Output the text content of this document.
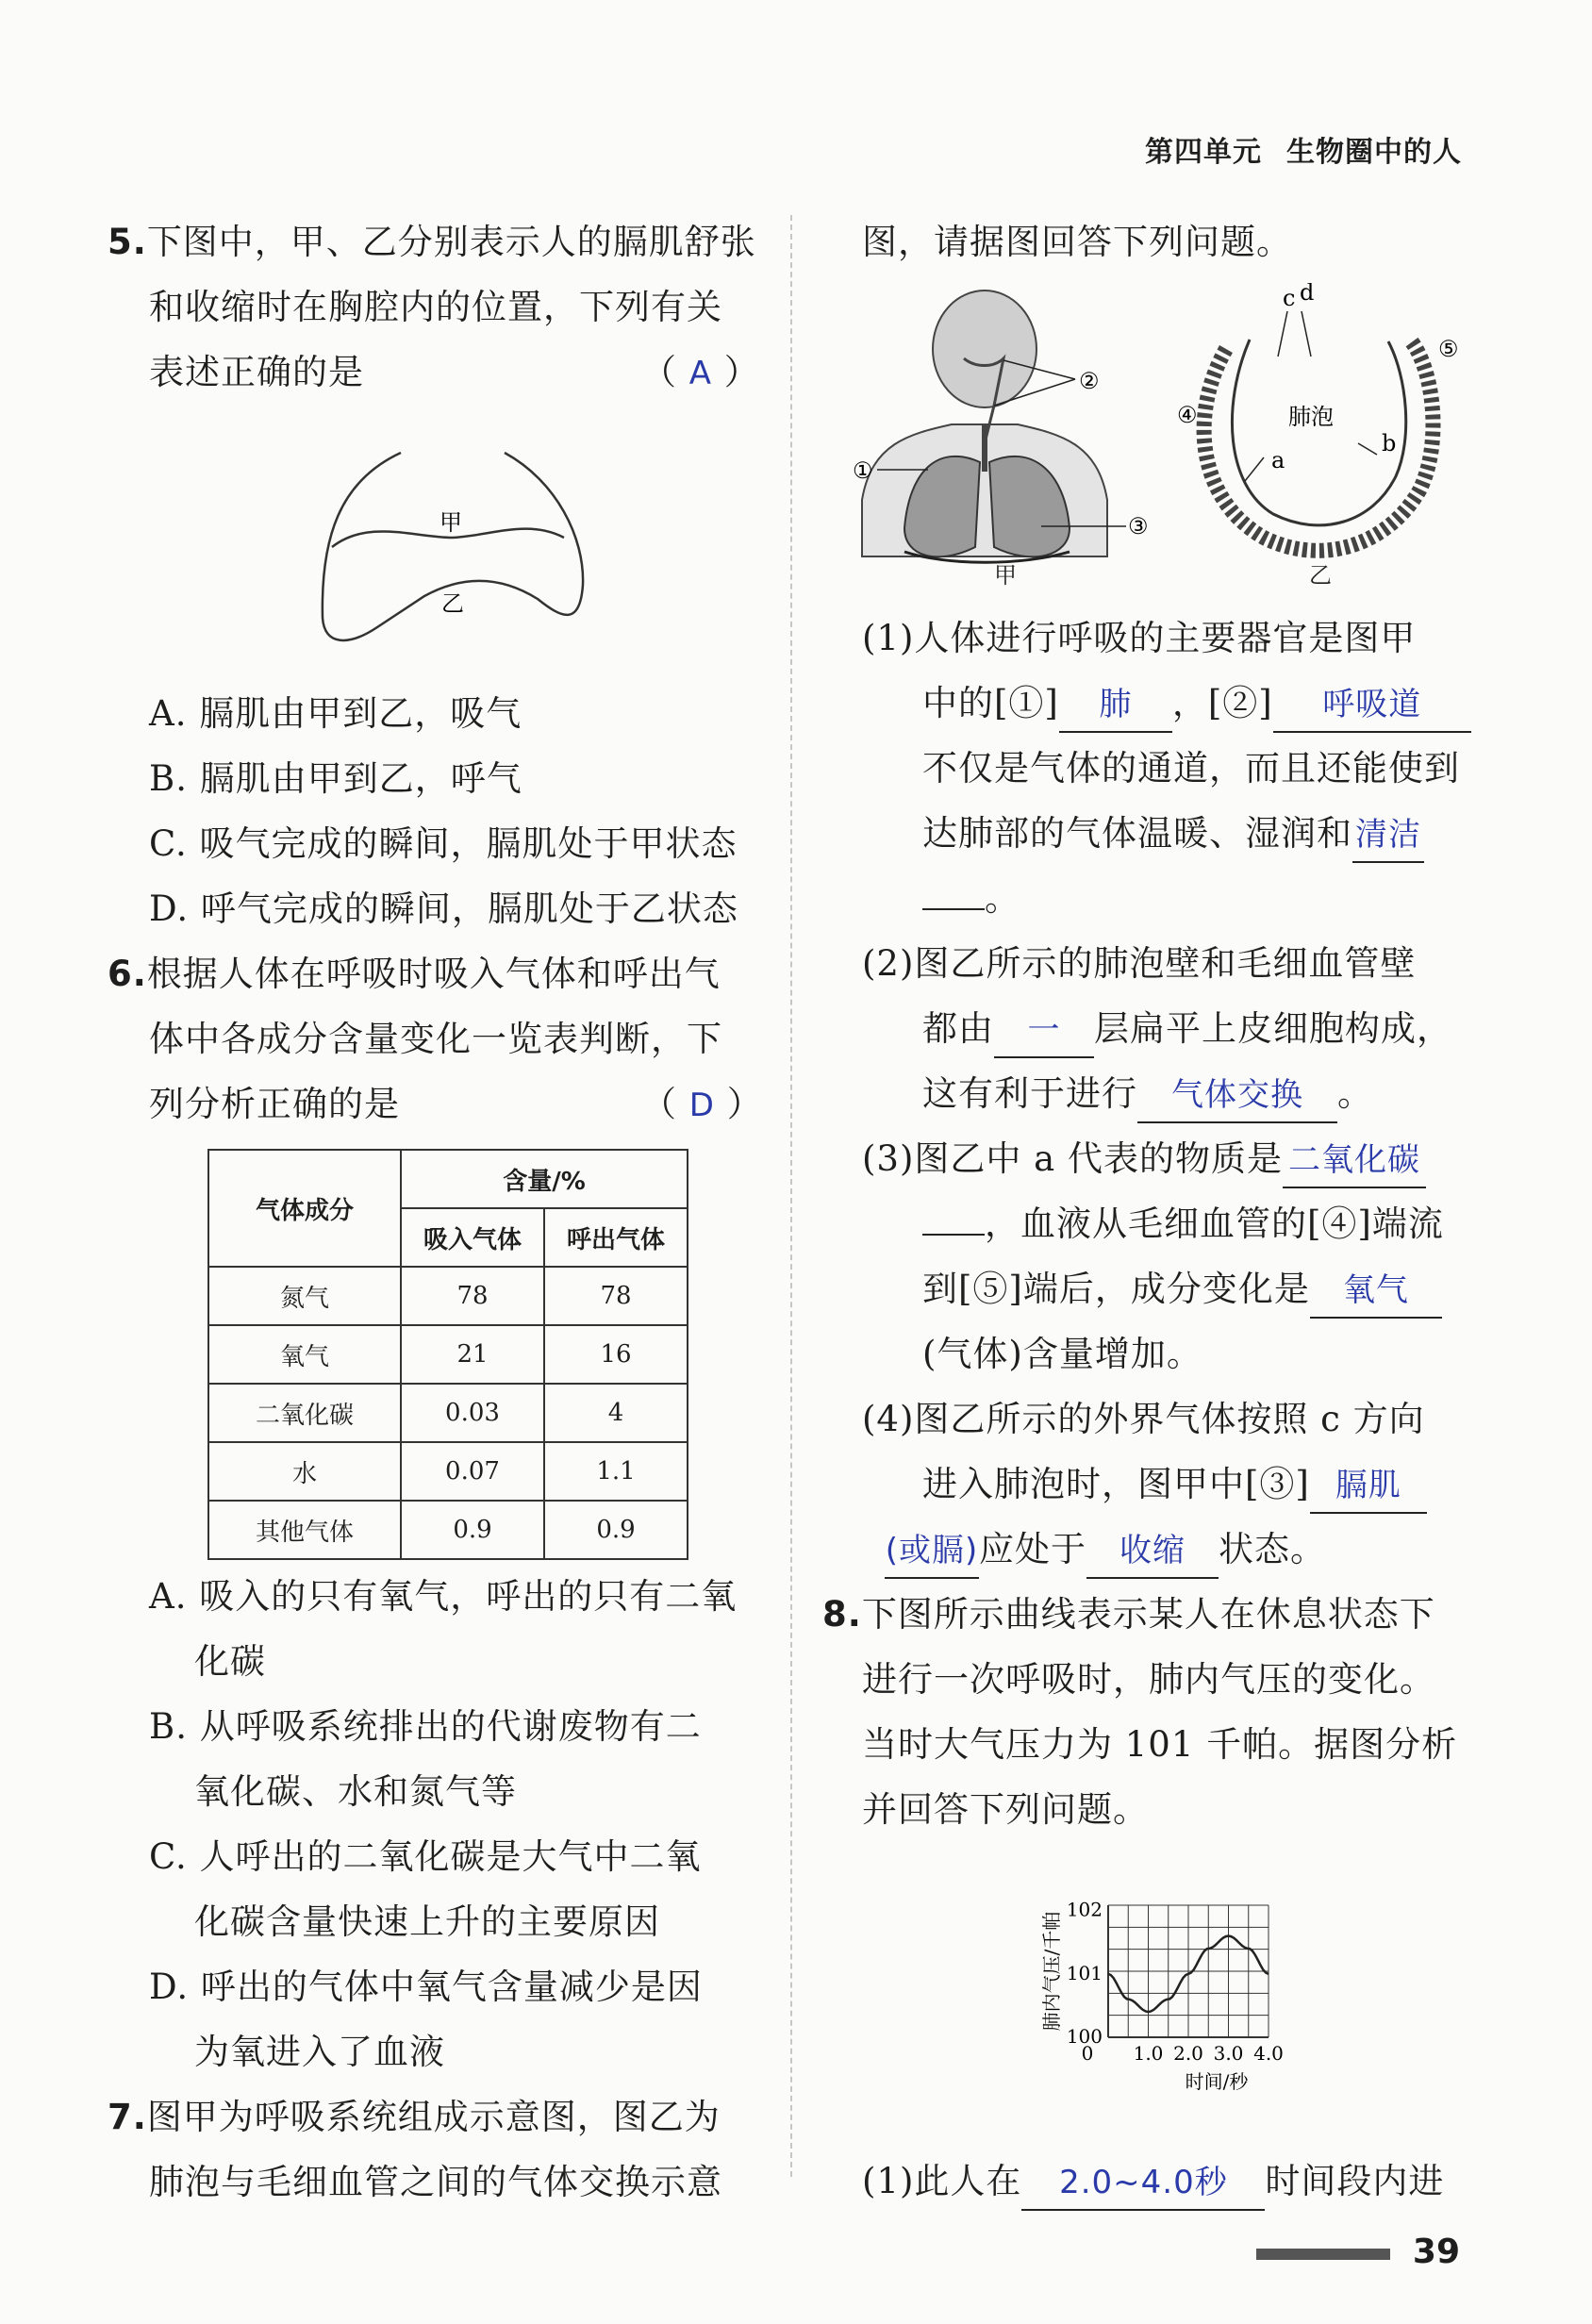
第四单元 生物圈中的人
5.下图中，甲、乙分别表示人的膈肌舒张
和收缩时在胸腔内的位置，下列有关
表述正确的是	（ A ）
甲
乙
A. 膈肌由甲到乙，吸气
B. 膈肌由甲到乙，呼气
C. 吸气完成的瞬间，膈肌处于甲状态
D. 呼气完成的瞬间，膈肌处于乙状态
6.根据人体在呼吸时吸入气体和呼出气
体中各成分含量变化一览表判断，下
列分析正确的是	（ D ）
气体成分	含量/%	
	吸入气体	呼出气体
氮气	78	78
氧气	21	16
二氧化碳	0.03	4
水	0.07	1.1
其他气体	0.9	0.9
A. 吸入的只有氧气，呼出的只有二氧
化碳
B. 从呼吸系统排出的代谢废物有二
氧化碳、水和氮气等
C. 人呼出的二氧化碳是大气中二氧
化碳含量快速上升的主要原因
D. 呼出的气体中氧气含量减少是因
为氧进入了血液
7.图甲为呼吸系统组成示意图，图乙为
肺泡与毛细血管之间的气体交换示意
图，请据图回答下列问题。
②
①
③
甲
肺泡
c d
a
b
④
⑤
乙
(1)人体进行呼吸的主要器官是图甲
中的[①] 肺 ，[②] 呼吸道
不仅是气体的通道，而且还能使到
达肺部的气体温暖、湿润和清洁
。
(2)图乙所示的肺泡壁和毛细血管壁
都由 一 层扁平上皮细胞构成，
这有利于进行 气体交换 。
(3)图乙中 a 代表的物质是 二氧化碳
，血液从毛细血管的[④]端流
到[⑤]端后，成分变化是 氧气
(气体)含量增加。
(4)图乙所示的外界气体按照 c 方向
进入肺泡时，图甲中[③] 膈肌
(或膈)应处于 收缩 状态。
8.下图所示曲线表示某人在休息状态下
进行一次呼吸时，肺内气压的变化。
当时大气压力为 101 千帕。据图分析
并回答下列问题。
100
101
102
0 1.0 2.0 3.0 4.0
时间/秒
肺内气压/千帕
(1)此人在 2.0~4.0秒 时间段内进
39
